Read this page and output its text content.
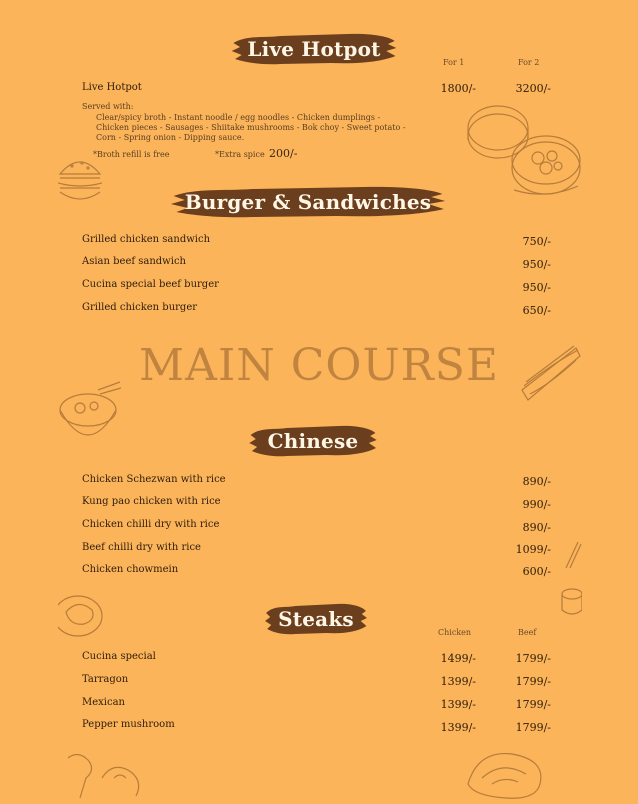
Live Hotpot
For 1	For 2
Live Hotpot	1800/-	3200/-
Served with:
Clear/spicy broth - Instant noodle / egg noodles - Chicken dumplings -
Chicken pieces - Sausages - Shiitake mushrooms - Bok choy - Sweet potato -
Corn - Spring onion - Dipping sauce.
*Broth refill is free	*Extra spice 200/-
Burger & Sandwiches
Grilled chicken sandwich	750/-
Asian beef sandwich	950/-
Cucina special beef burger	950/-
Grilled chicken burger	650/-
MAIN COURSE
Chinese
Chicken Schezwan with rice	890/-
Kung pao chicken with rice	990/-
Chicken chilli dry with rice	890/-
Beef chilli dry with rice	1099/-
Chicken chowmein	600/-
Steaks
Chicken	Beef
Cucina special	1499/-	1799/-
Tarragon	1399/-	1799/-
Mexican	1399/-	1799/-
Pepper mushroom	1399/-	1799/-
